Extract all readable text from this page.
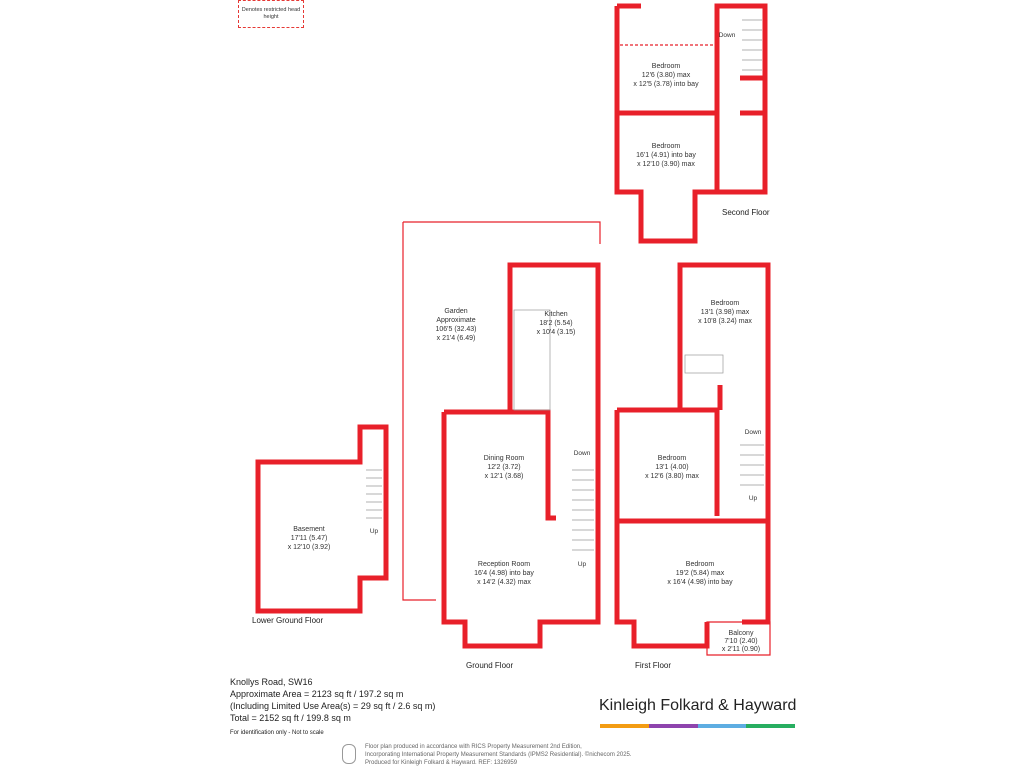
Denotes restricted head height
Basement
17'11 (5.47)
x 12'10 (3.92)
Garden
Approximate
106'5 (32.43)
x 21'4 (6.49)
Kitchen
18'2 (5.54)
x 10'4 (3.15)
Dining Room
12'2 (3.72)
x 12'1 (3.68)
Reception Room
16'4 (4.98) into bay
x 14'2 (4.32) max
Bedroom
13'1 (3.98) max
x 10'8 (3.24) max
Bedroom
13'1 (4.00)
x 12'6 (3.80) max
Bedroom
19'2 (5.84) max
x 16'4 (4.98) into bay
Balcony
7'10 (2.40)
x 2'11 (0.90)
Bedroom
12'6 (3.80) max
x 12'5 (3.78) into bay
Bedroom
16'1 (4.91) into bay
x 12'10 (3.90) max
Up
Down
Up
Down
Up
Down
Lower Ground Floor
Ground Floor	First Floor
Second Floor
Knollys Road, SW16
Approximate Area = 2123 sq ft / 197.2 sq m
(Including Limited Use Area(s) = 29 sq ft / 2.6 sq m)
Total = 2152 sq ft / 199.8 sq m
For identification only - Not to scale
Kinleigh Folkard & Hayward
Floor plan produced in accordance with RICS Property Measurement 2nd Edition,
Incorporating International Property Measurement Standards (IPMS2 Residential). ©nichecom 2025.
Produced for Kinleigh Folkard & Hayward. REF: 1326959
